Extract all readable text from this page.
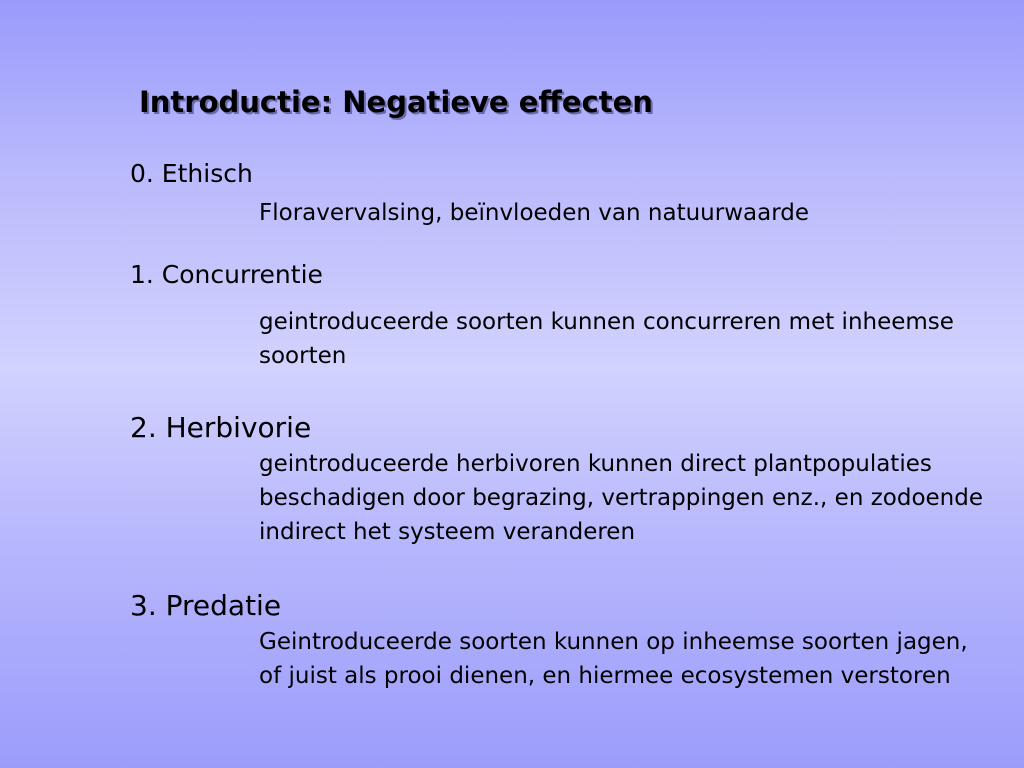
Introductie: Negatieve effecten

0. Ethisch

Floravervalsing, beïnvloeden van natuurwaarde

1. Concurrentie

geintroduceerde soorten kunnen concurreren met inheemse soorten

2. Herbivorie

geintroduceerde herbivoren kunnen direct plantpopulaties beschadigen door begrazing, vertrappingen enz., en zodoende indirect het systeem veranderen

3. Predatie

Geintroduceerde soorten kunnen op inheemse soorten jagen, of juist als prooi dienen, en hiermee ecosystemen verstoren
